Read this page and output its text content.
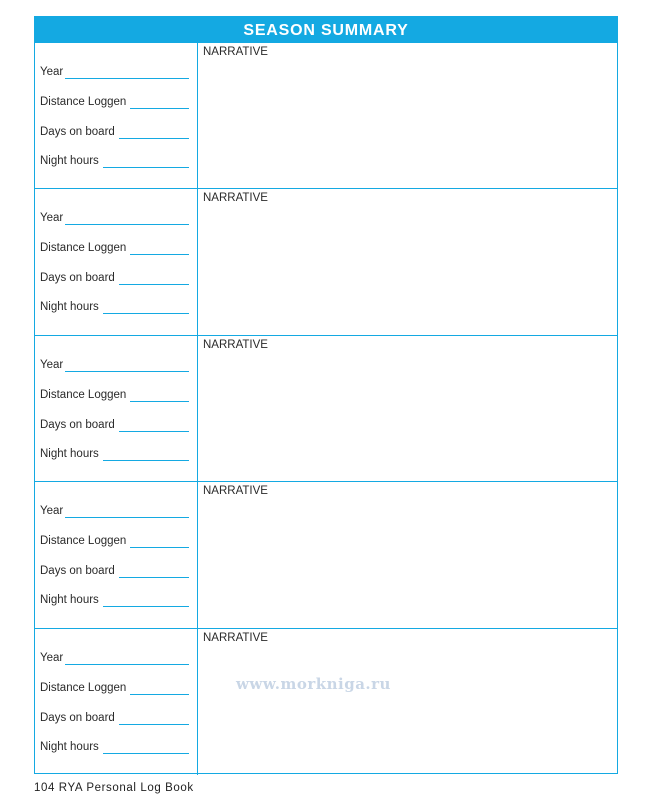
SEASON SUMMARY
Year
Distance Loggen
Days on board
Night hours
NARRATIVE
Year
Distance Loggen
Days on board
Night hours
NARRATIVE
Year
Distance Loggen
Days on board
Night hours
NARRATIVE
Year
Distance Loggen
Days on board
Night hours
NARRATIVE
Year
Distance Loggen
Days on board
Night hours
NARRATIVE
www.morkniga.ru
104 RYA Personal Log Book
